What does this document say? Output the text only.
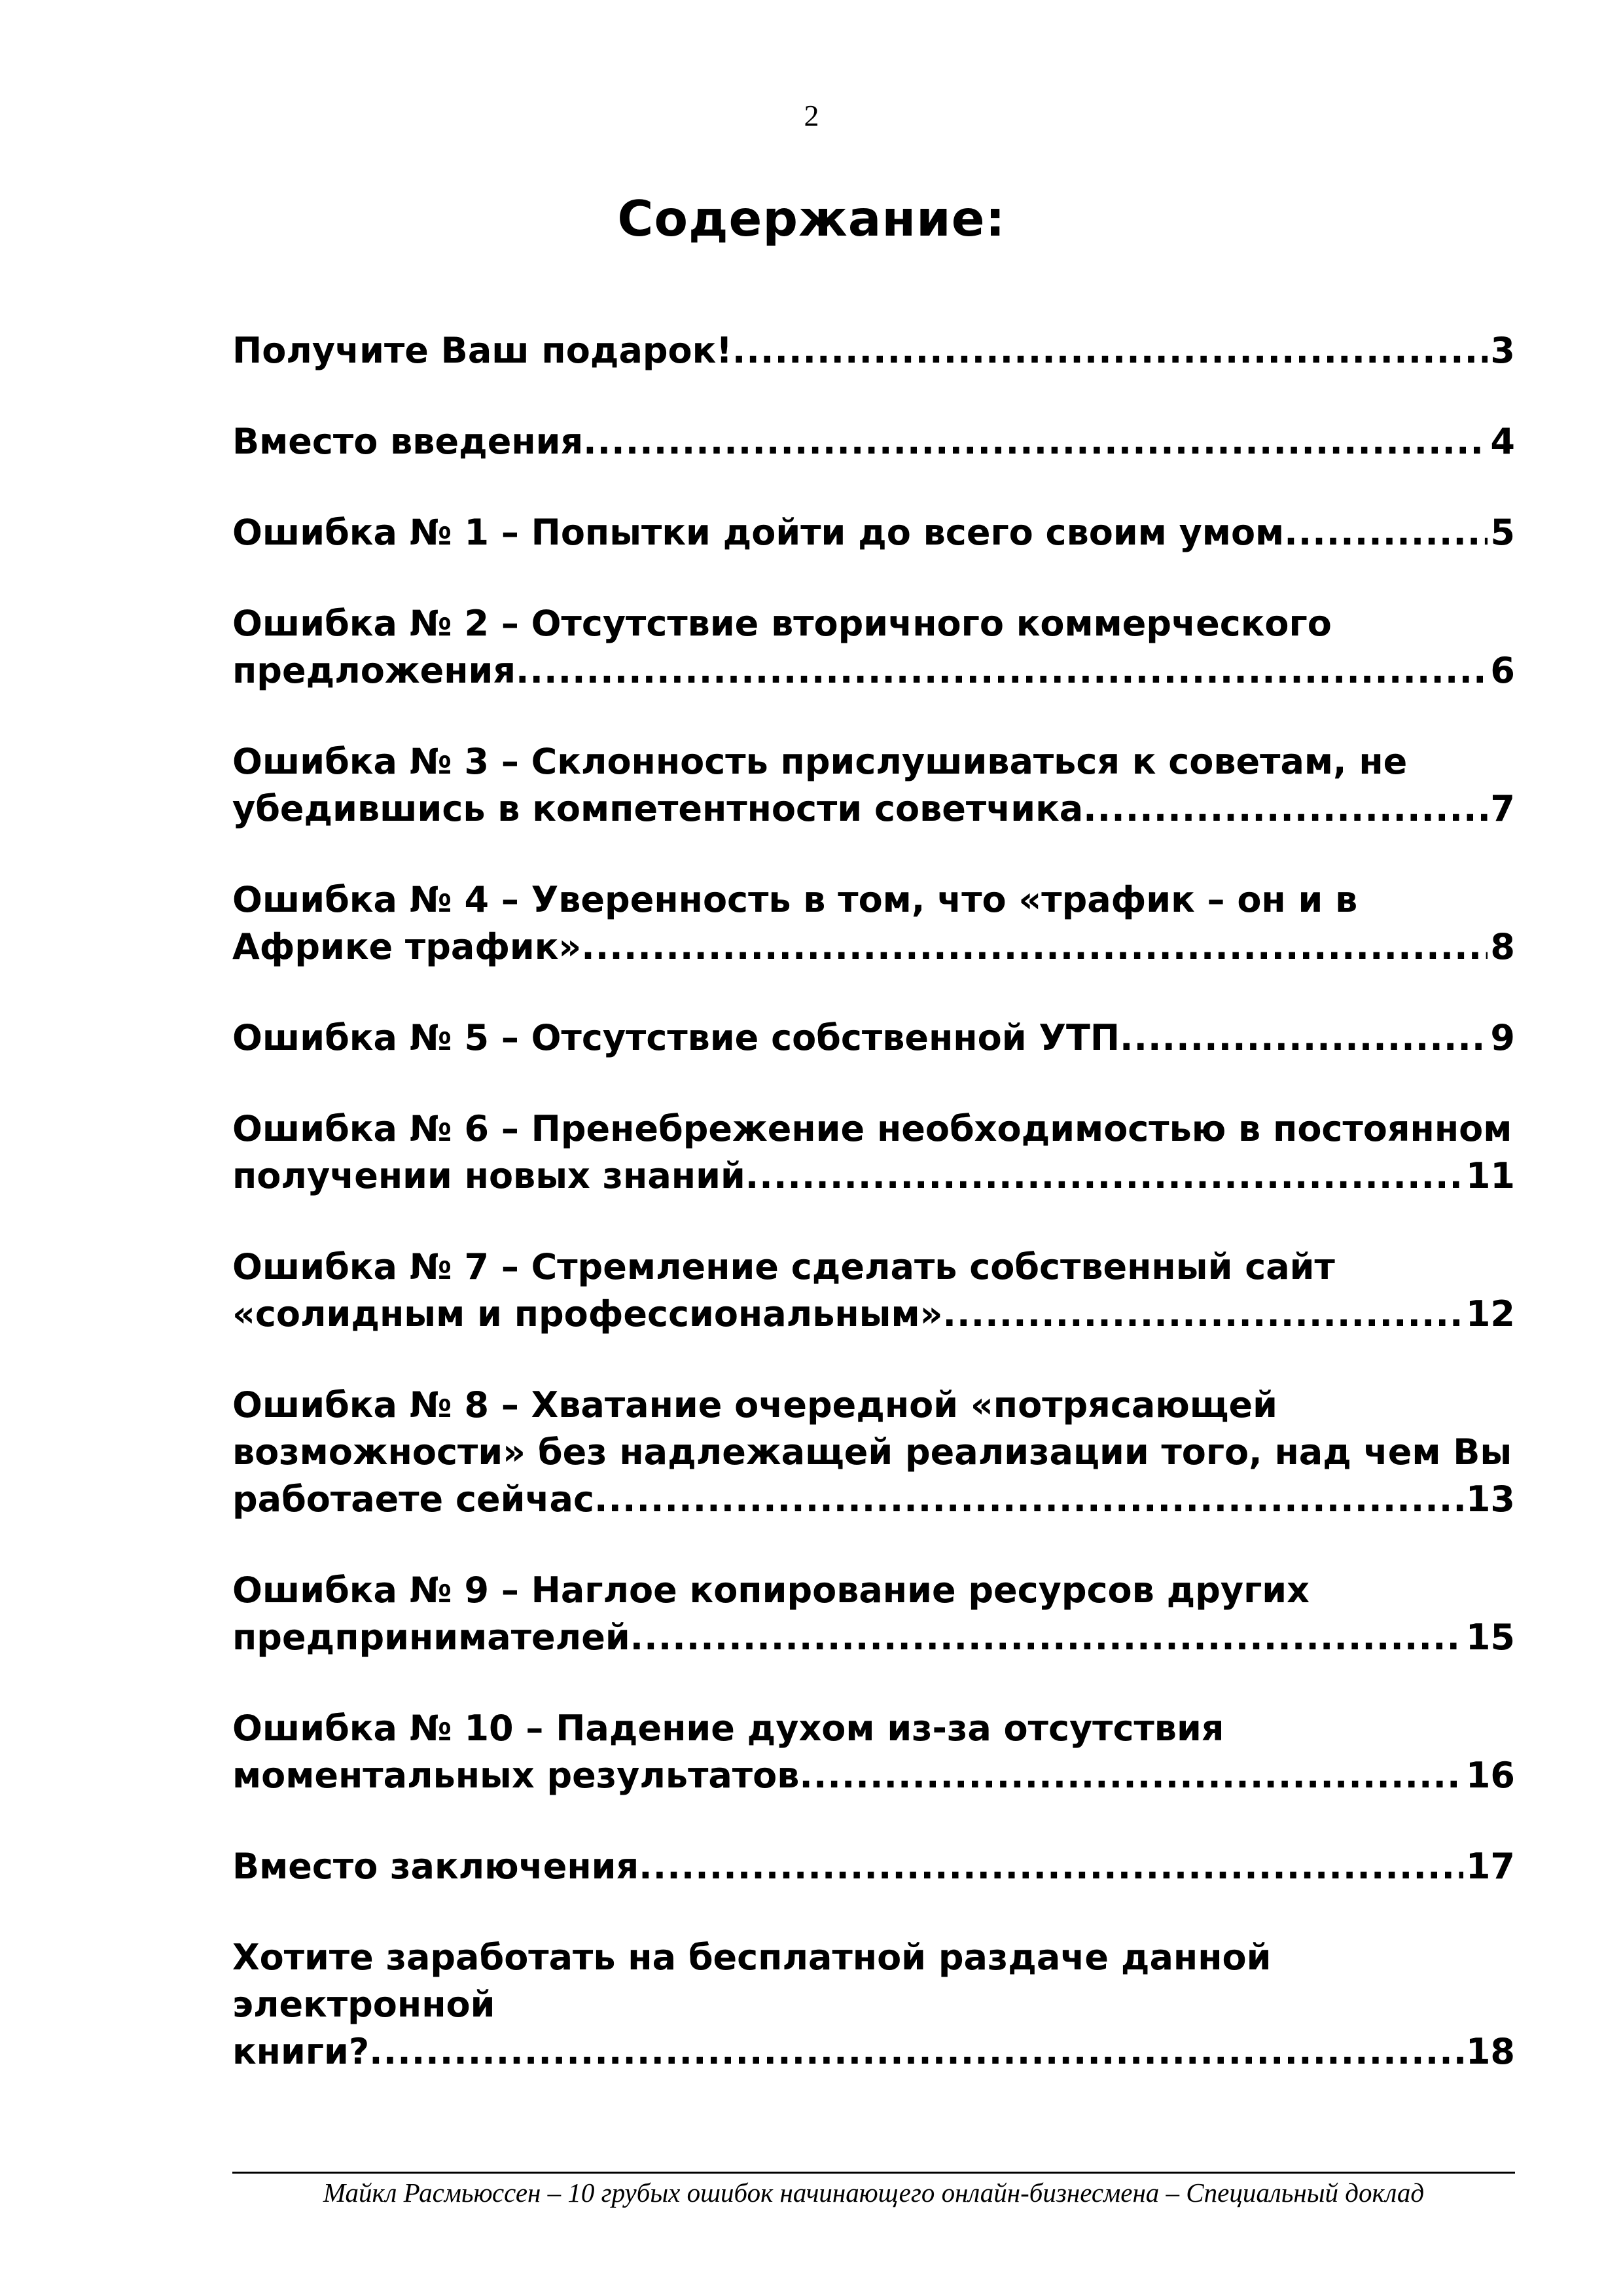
2
Содержание:
Получите Ваш подарок! .....	3
Вместо введения .....	4
Ошибка № 1 – Попытки дойти до всего своим умом .....	5
Ошибка № 2 – Отсутствие вторичного коммерческого
предложения .....	6
Ошибка № 3 – Склонность прислушиваться к советам, не
убедившись в компетентности советчика .....	7
Ошибка № 4 – Уверенность в том, что «трафик – он и в
Африке трафик» .....	8
Ошибка № 5 – Отсутствие собственной УТП .....	9
Ошибка № 6 – Пренебрежение необходимостью в постоянном
получении новых знаний .....	11
Ошибка № 7 – Стремление сделать собственный сайт
«солидным и профессиональным» .....	12
Ошибка № 8 – Хватание очередной «потрясающей
возможности» без надлежащей реализации того, над чем Вы
работаете сейчас .....	13
Ошибка № 9 – Наглое копирование ресурсов других
предпринимателей .....	15
Ошибка № 10 – Падение духом из-за отсутствия
моментальных результатов .....	16
Вместо заключения .....	17
Хотите заработать на бесплатной раздаче данной электронной
книги? .....	18
Майкл Расмьюссен – 10 грубых ошибок начинающего онлайн-бизнесмена – Специальный доклад
